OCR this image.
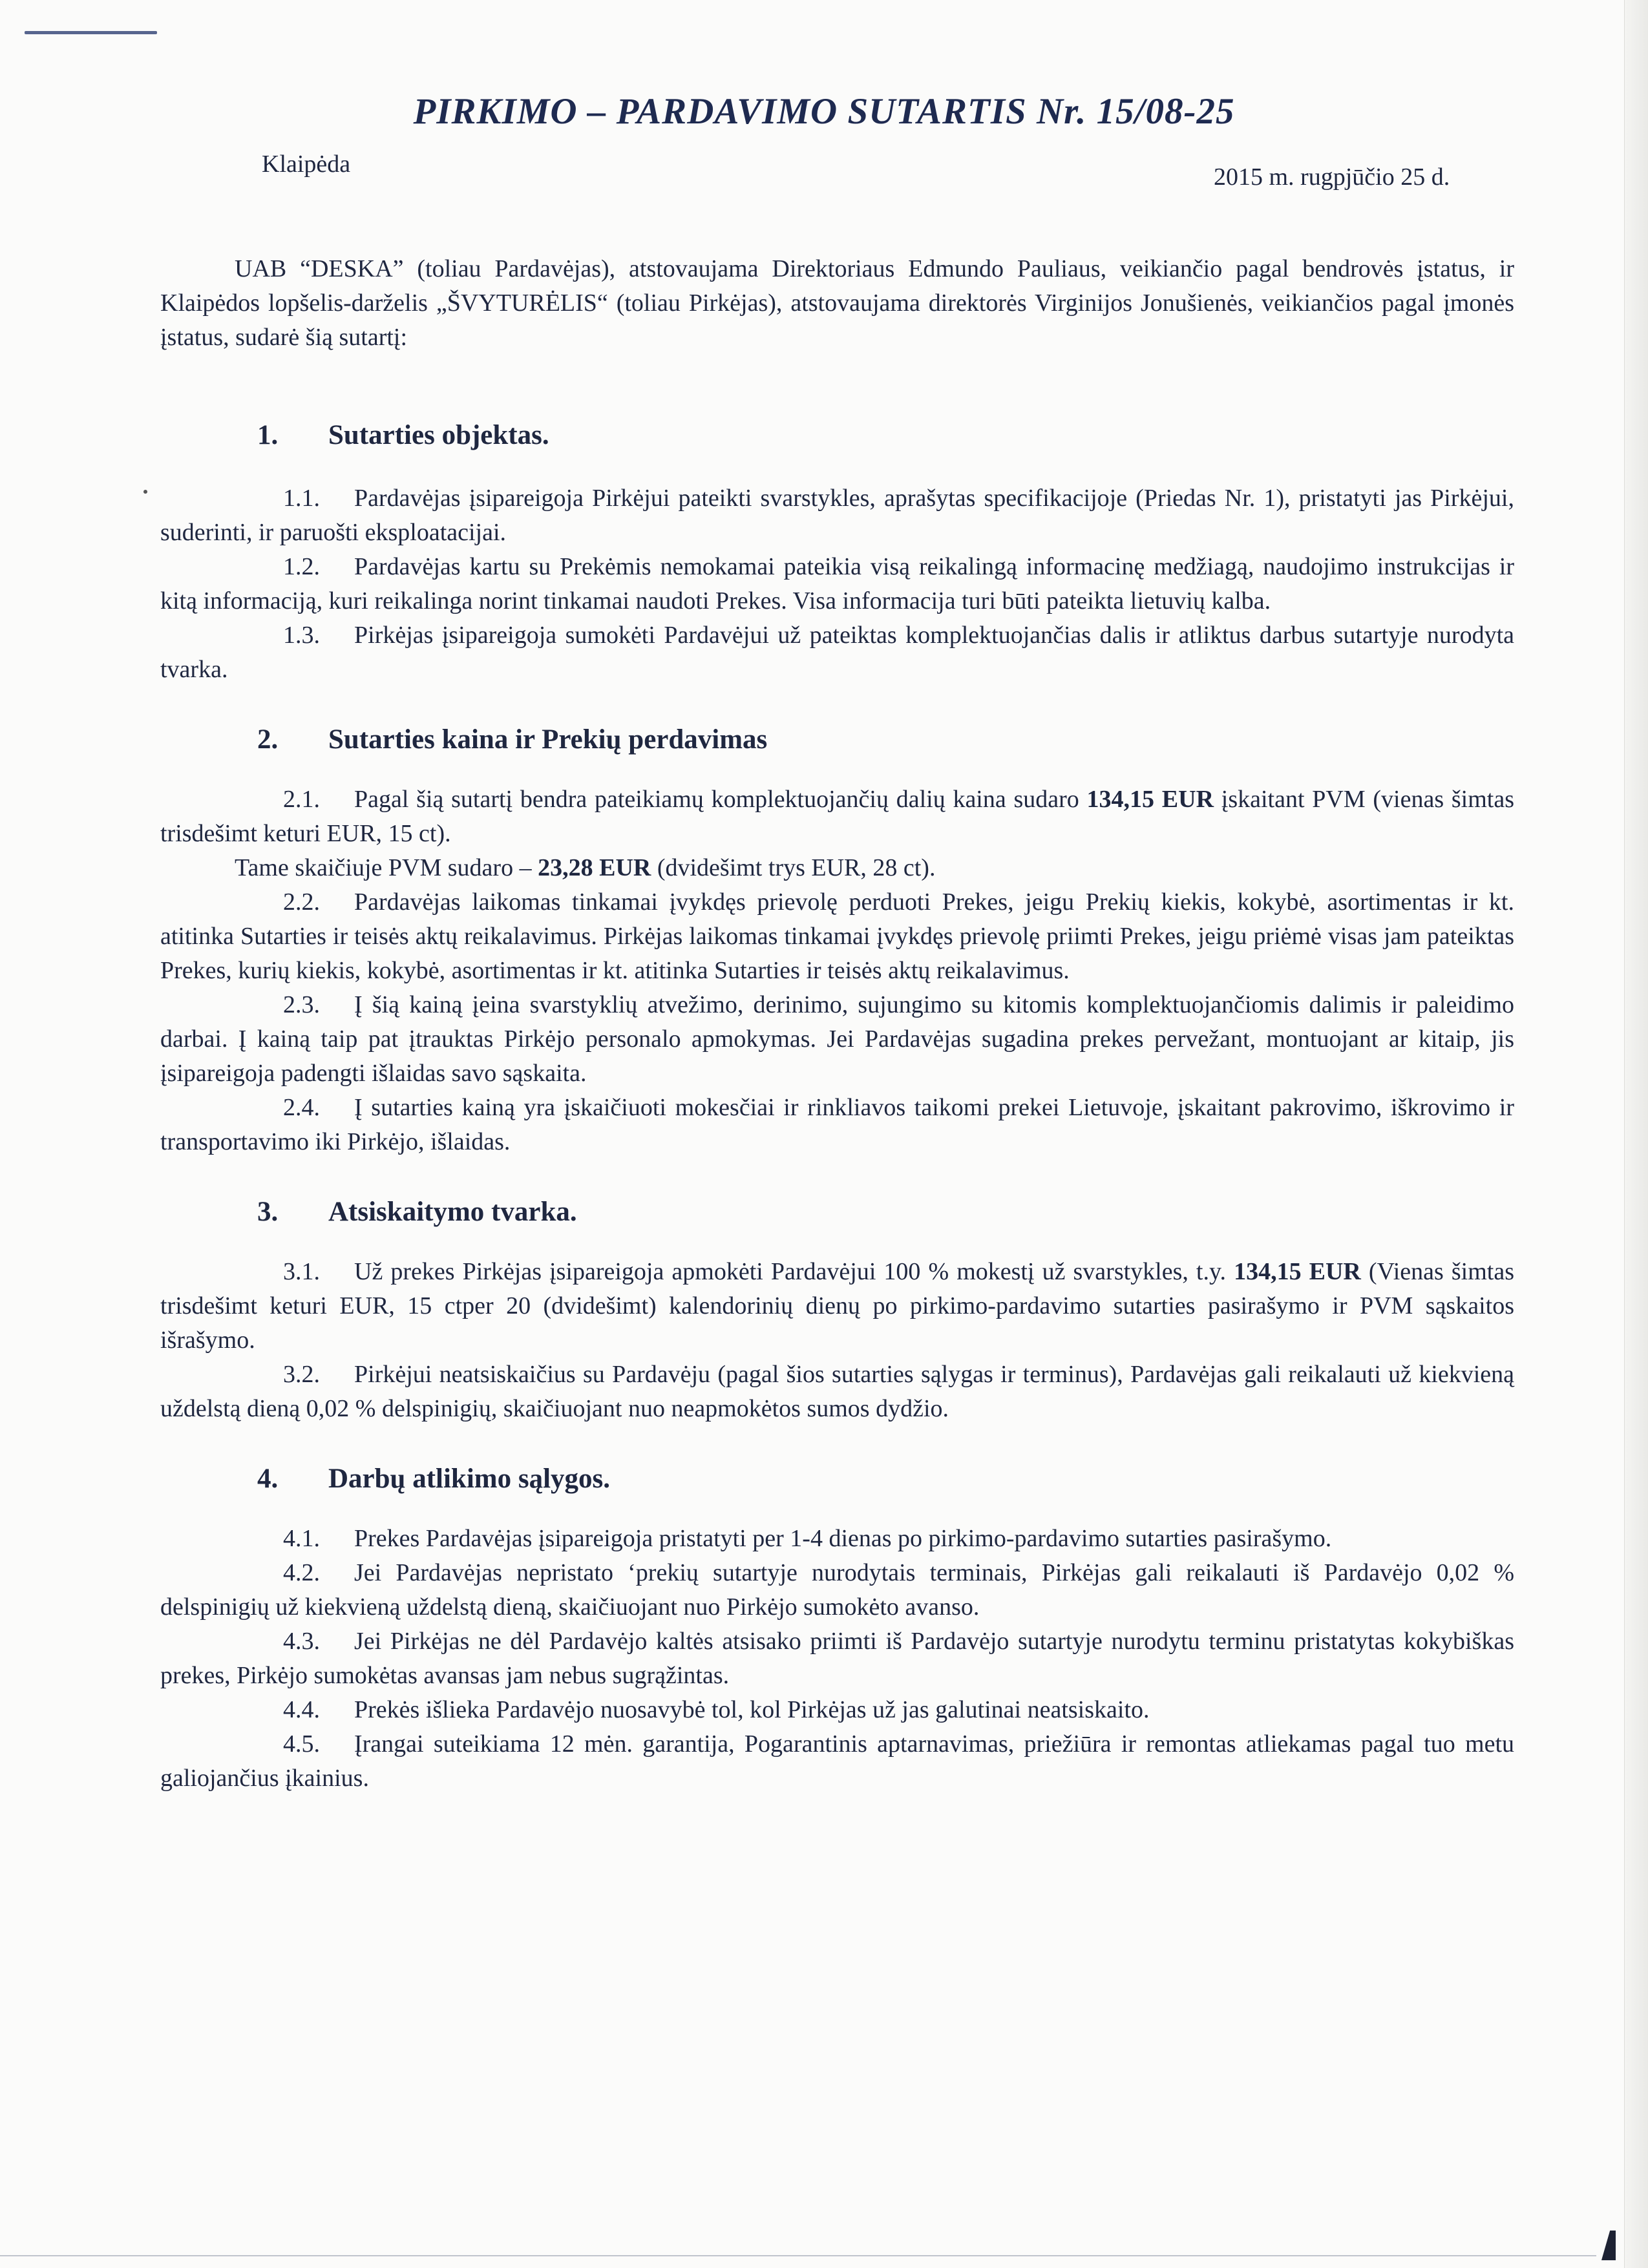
PIRKIMO – PARDAVIMO SUTARTIS Nr. 15/08-25
Klaipėda	2015 m. rugpjūčio 25 d.

UAB “DESKA” (toliau Pardavėjas), atstovaujama Direktoriaus Edmundo Pauliaus, veikiančio pagal bendrovės įstatus, ir Klaipėdos lopšelis-darželis „ŠVYTURĖLIS“ (toliau Pirkėjas), atstovaujama direktorės Virginijos Jonušienės, veikiančios pagal įmonės įstatus, sudarė šią sutartį:

1. Sutarties objektas.

1.1. Pardavėjas įsipareigoja Pirkėjui pateikti svarstykles, aprašytas specifikacijoje (Priedas Nr. 1), pristatyti jas Pirkėjui, suderinti, ir paruošti eksploatacijai.

1.2. Pardavėjas kartu su Prekėmis nemokamai pateikia visą reikalingą informacinę medžiagą, naudojimo instrukcijas ir kitą informaciją, kuri reikalinga norint tinkamai naudoti Prekes. Visa informacija turi būti pateikta lietuvių kalba.

1.3. Pirkėjas įsipareigoja sumokėti Pardavėjui už pateiktas komplektuojančias dalis ir atliktus darbus sutartyje nurodyta tvarka.

2. Sutarties kaina ir Prekių perdavimas

2.1. Pagal šią sutartį bendra pateikiamų komplektuojančių dalių kaina sudaro 134,15 EUR įskaitant PVM (vienas šimtas trisdešimt keturi EUR, 15 ct).

Tame skaičiuje PVM sudaro – 23,28 EUR (dvidešimt trys EUR, 28 ct).

2.2. Pardavėjas laikomas tinkamai įvykdęs prievolę perduoti Prekes, jeigu Prekių kiekis, kokybė, asortimentas ir kt. atitinka Sutarties ir teisės aktų reikalavimus. Pirkėjas laikomas tinkamai įvykdęs prievolę priimti Prekes, jeigu priėmė visas jam pateiktas Prekes, kurių kiekis, kokybė, asortimentas ir kt. atitinka Sutarties ir teisės aktų reikalavimus.

2.3. Į šią kainą įeina svarstyklių atvežimo, derinimo, sujungimo su kitomis komplektuojančiomis dalimis ir paleidimo darbai. Į kainą taip pat įtrauktas Pirkėjo personalo apmokymas. Jei Pardavėjas sugadina prekes pervežant, montuojant ar kitaip, jis įsipareigoja padengti išlaidas savo sąskaita.

2.4. Į sutarties kainą yra įskaičiuoti mokesčiai ir rinkliavos taikomi prekei Lietuvoje, įskaitant pakrovimo, iškrovimo ir transportavimo iki Pirkėjo, išlaidas.

3. Atsiskaitymo tvarka.

3.1. Už prekes Pirkėjas įsipareigoja apmokėti Pardavėjui 100 % mokestį už svarstykles, t.y. 134,15 EUR (Vienas šimtas trisdešimt keturi EUR, 15 ctper 20 (dvidešimt) kalendorinių dienų po pirkimo-pardavimo sutarties pasirašymo ir PVM sąskaitos išrašymo.

3.2. Pirkėjui neatsiskaičius su Pardavėju (pagal šios sutarties sąlygas ir terminus), Pardavėjas gali reikalauti už kiekvieną uždelstą dieną 0,02 % delspinigių, skaičiuojant nuo neapmokėtos sumos dydžio.

4. Darbų atlikimo sąlygos.

4.1. Prekes Pardavėjas įsipareigoja pristatyti per 1-4 dienas po pirkimo-pardavimo sutarties pasirašymo.

4.2. Jei Pardavėjas nepristato ‘prekių sutartyje nurodytais terminais, Pirkėjas gali reikalauti iš Pardavėjo 0,02 % delspinigių už kiekvieną uždelstą dieną, skaičiuojant nuo Pirkėjo sumokėto avanso.

4.3. Jei Pirkėjas ne dėl Pardavėjo kaltės atsisako priimti iš Pardavėjo sutartyje nurodytu terminu pristatytas kokybiškas prekes, Pirkėjo sumokėtas avansas jam nebus sugrąžintas.

4.4. Prekės išlieka Pardavėjo nuosavybė tol, kol Pirkėjas už jas galutinai neatsiskaito.

4.5. Įrangai suteikiama 12 mėn. garantija, Pogarantinis aptarnavimas, priežiūra ir remontas atliekamas pagal tuo metu galiojančius įkainius.
